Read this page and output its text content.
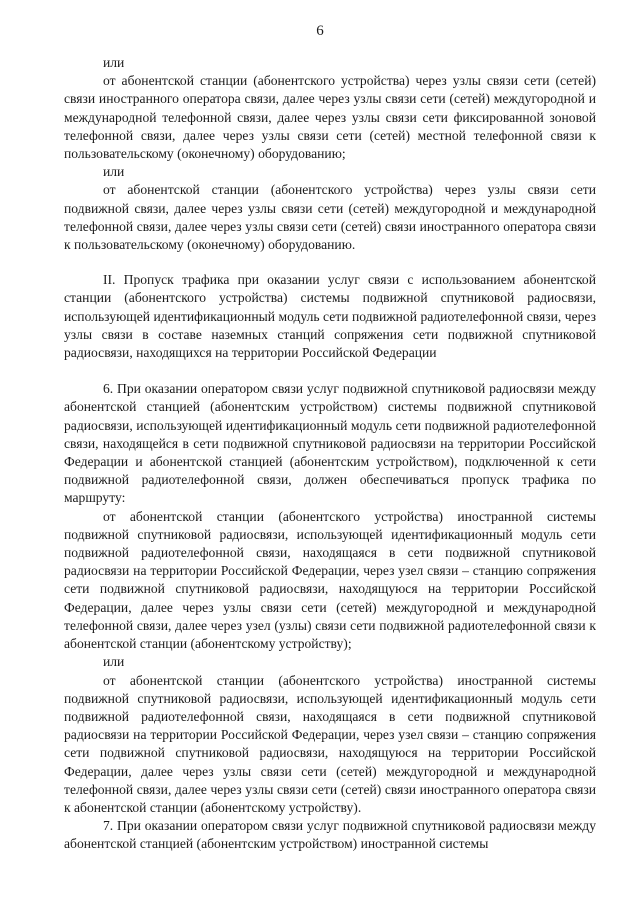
6

или

от абонентской станции (абонентского устройства) через узлы связи сети (сетей) связи иностранного оператора связи, далее через узлы связи сети (сетей) междугородной и международной телефонной связи, далее через узлы связи сети фиксированной зоновой телефонной связи, далее через узлы связи сети (сетей) местной телефонной связи к пользовательскому (оконечному) оборудованию;

или

от абонентской станции (абонентского устройства) через узлы связи сети подвижной связи, далее через узлы связи сети (сетей) междугородной и международной телефонной связи, далее через узлы связи сети (сетей) связи иностранного оператора связи к пользовательскому (оконечному) оборудованию.

II. Пропуск трафика при оказании услуг связи с использованием абонентской станции (абонентского устройства) системы подвижной спутниковой радиосвязи, использующей идентификационный модуль сети подвижной радиотелефонной связи, через узлы связи в составе наземных станций сопряжения сети подвижной спутниковой радиосвязи, находящихся на территории Российской Федерации

6. При оказании оператором связи услуг подвижной спутниковой радиосвязи между абонентской станцией (абонентским устройством) системы подвижной спутниковой радиосвязи, использующей идентификационный модуль сети подвижной радиотелефонной связи, находящейся в сети подвижной спутниковой радиосвязи на территории Российской Федерации и абонентской станцией (абонентским устройством), подключенной к сети подвижной радиотелефонной связи, должен обеспечиваться пропуск трафика по маршруту:

от абонентской станции (абонентского устройства) иностранной системы подвижной спутниковой радиосвязи, использующей идентификационный модуль сети подвижной радиотелефонной связи, находящаяся в сети подвижной спутниковой радиосвязи на территории Российской Федерации, через узел связи – станцию сопряжения сети подвижной спутниковой радиосвязи, находящуюся на территории Российской Федерации, далее через узлы связи сети (сетей) междугородной и международной телефонной связи, далее через узел (узлы) связи сети подвижной радиотелефонной связи к абонентской станции (абонентскому устройству);

или

от абонентской станции (абонентского устройства) иностранной системы подвижной спутниковой радиосвязи, использующей идентификационный модуль сети подвижной радиотелефонной связи, находящаяся в сети подвижной спутниковой радиосвязи на территории Российской Федерации, через узел связи – станцию сопряжения сети подвижной спутниковой радиосвязи, находящуюся на территории Российской Федерации, далее через узлы связи сети (сетей) междугородной и международной телефонной связи, далее через узлы связи сети (сетей) связи иностранного оператора связи к абонентской станции (абонентскому устройству).

7. При оказании оператором связи услуг подвижной спутниковой радиосвязи между абонентской станцией (абонентским устройством) иностранной системы
